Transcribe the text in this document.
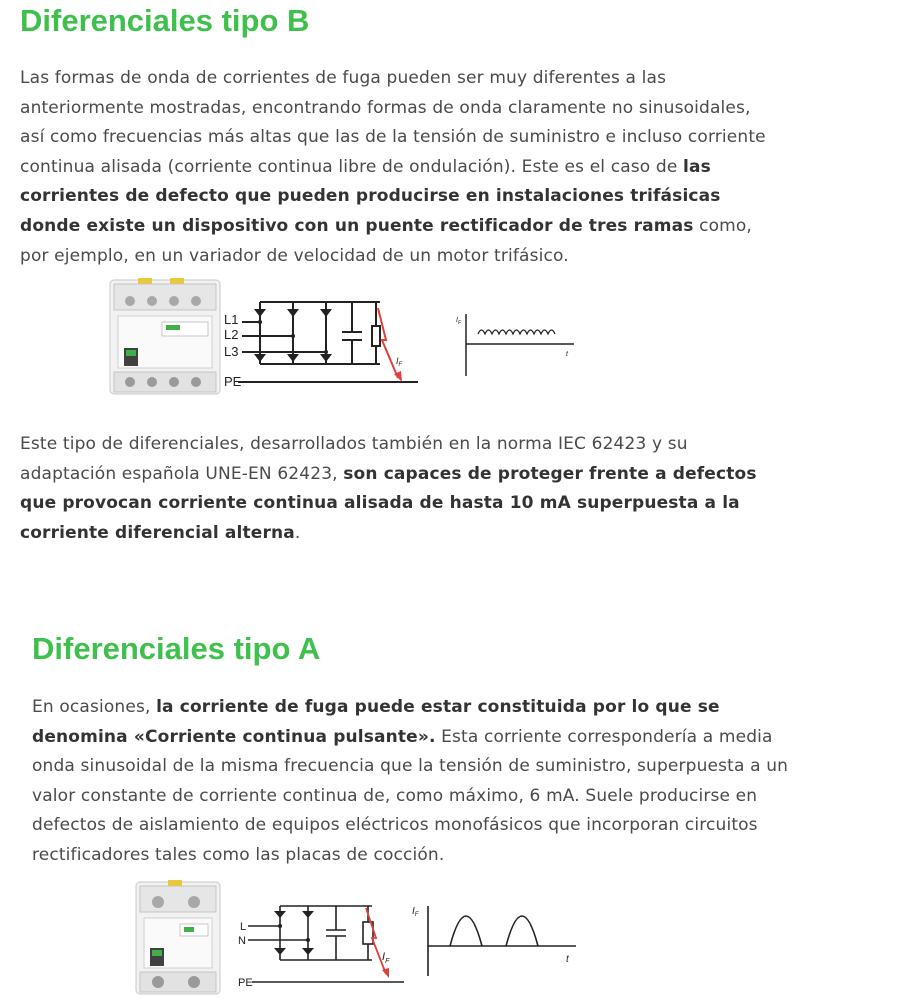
Diferenciales tipo B

Las formas de onda de corrientes de fuga pueden ser muy diferentes a las anteriormente mostradas, encontrando formas de onda claramente no sinusoidales, así como frecuencias más altas que las de la tensión de suministro e incluso corriente continua alisada (corriente continua libre de ondulación). Este es el caso de las corrientes de defecto que pueden producirse en instalaciones trifásicas donde existe un dispositivo con un puente rectificador de tres ramas como, por ejemplo, en un variador de velocidad de un motor trifásico.

L1
L2
L3
PE
$I_F$
$I_F$
t

Este tipo de diferenciales, desarrollados también en la norma IEC 62423 y su adaptación española UNE-EN 62423, son capaces de proteger frente a defectos que provocan corriente continua alisada de hasta 10 mA superpuesta a la corriente diferencial alterna.

Diferenciales tipo A

En ocasiones, la corriente de fuga puede estar constituida por lo que se denomina «Corriente continua pulsante». Esta corriente correspondería a media onda sinusoidal de la misma frecuencia que la tensión de suministro, superpuesta a un valor constante de corriente continua de, como máximo, 6 mA. Suele producirse en defectos de aislamiento de equipos eléctricos monofásicos que incorporan circuitos rectificadores tales como las placas de cocción.

L
N
PE
$I_F$
$I_F$
t
